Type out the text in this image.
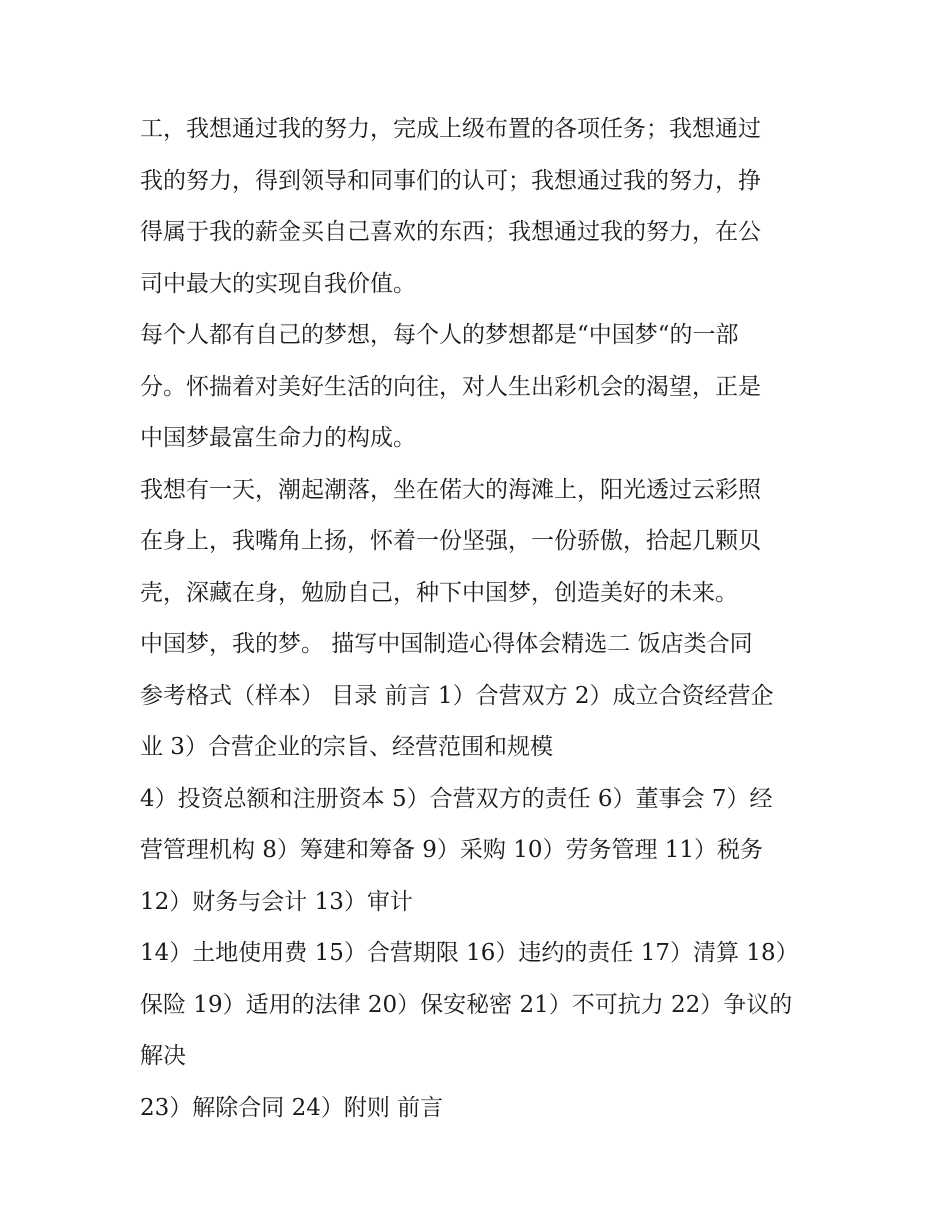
工，我想通过我的努力，完成上级布置的各项任务；我想通过
我的努力，得到领导和同事们的认可；我想通过我的努力，挣
得属于我的薪金买自己喜欢的东西；我想通过我的努力，在公
司中最大的实现自我价值。
每个人都有自己的梦想，每个人的梦想都是“中国梦“的一部
分。怀揣着对美好生活的向往，对人生出彩机会的渴望，正是
中国梦最富生命力的构成。
我想有一天，潮起潮落，坐在偌大的海滩上，阳光透过云彩照
在身上，我嘴角上扬，怀着一份坚强，一份骄傲，拾起几颗贝
壳，深藏在身，勉励自己，种下中国梦，创造美好的未来。
中国梦，我的梦。 描写中国制造心得体会精选二 饭店类合同
参考格式（样本） 目录 前言 1）合营双方 2）成立合资经营企
业 3）合营企业的宗旨、经营范围和规模
4）投资总额和注册资本 5）合营双方的责任 6）董事会 7）经
营管理机构 8）筹建和筹备 9）采购 10）劳务管理 11）税务
12）财务与会计 13）审计
14）土地使用费 15）合营期限 16）违约的责任 17）清算 18）
保险 19）适用的法律 20）保安秘密 21）不可抗力 22）争议的
解决
23）解除合同 24）附则 前言
